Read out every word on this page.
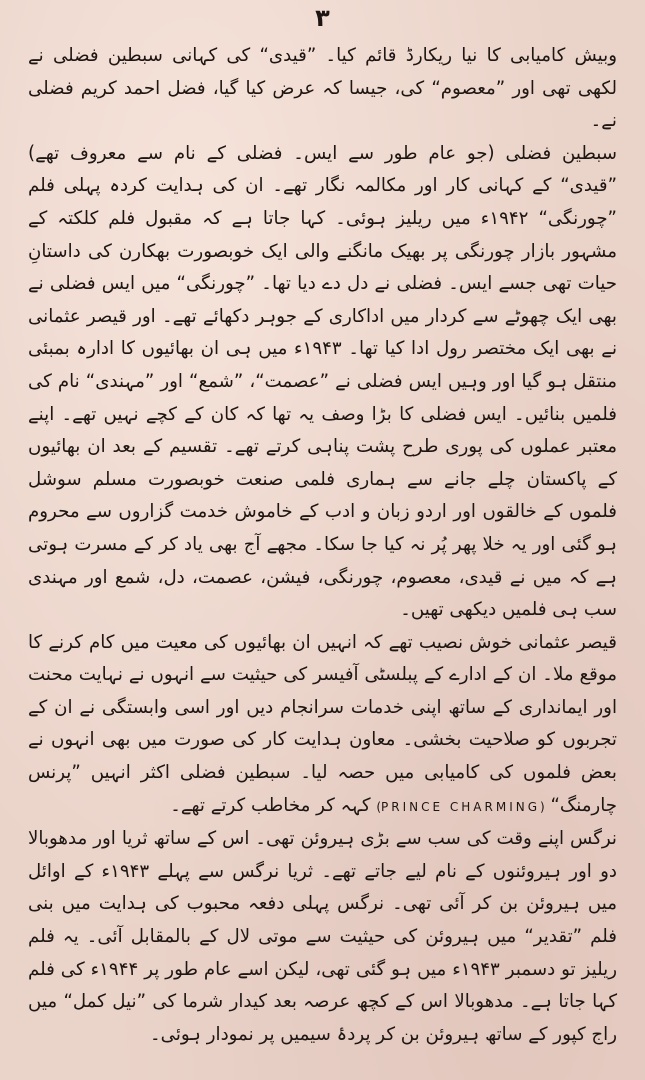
۳

وبیش کامیابی کا نیا ریکارڈ قائم کیا۔ ”قیدی“ کی کہانی سبطین فضلی نے لکھی تھی اور ”معصوم“ کی، جیسا کہ عرض کیا گیا، فضل احمد کریم فضلی نے۔

سبطین فضلی (جو عام طور سے ایس۔ فضلی کے نام سے معروف تھے) ”قیدی“ کے کہانی کار اور مکالمہ نگار تھے۔ ان کی ہدایت کردہ پہلی فلم ”چورنگی“ ۱۹۴۲ء میں ریلیز ہوئی۔ کہا جاتا ہے کہ مقبول فلم کلکتہ کے مشہور بازار چورنگی پر بھیک مانگنے والی ایک خوبصورت بھکارن کی داستانِ حیات تھی جسے ایس۔ فضلی نے دل دے دیا تھا۔ ”چورنگی“ میں ایس فضلی نے بھی ایک چھوٹے سے کردار میں اداکاری کے جوہر دکھائے تھے۔ اور قیصر عثمانی نے بھی ایک مختصر رول ادا کیا تھا۔ ۱۹۴۳ء میں ہی ان بھائیوں کا ادارہ بمبئی منتقل ہو گیا اور وہیں ایس فضلی نے ”عصمت“، ”شمع“ اور ”مہندی“ نام کی فلمیں بنائیں۔ ایس فضلی کا بڑا وصف یہ تھا کہ کان کے کچے نہیں تھے۔ اپنے معتبر عملوں کی پوری طرح پشت پناہی کرتے تھے۔ تقسیم کے بعد ان بھائیوں کے پاکستان چلے جانے سے ہماری فلمی صنعت خوبصورت مسلم سوشل فلموں کے خالقوں اور اردو زبان و ادب کے خاموش خدمت گزاروں سے محروم ہو گئی اور یہ خلا پھر پُر نہ کیا جا سکا۔ مجھے آج بھی یاد کر کے مسرت ہوتی ہے کہ میں نے قیدی، معصوم، چورنگی، فیشن، عصمت، دل، شمع اور مہندی سب ہی فلمیں دیکھی تھیں۔

قیصر عثمانی خوش نصیب تھے کہ انہیں ان بھائیوں کی معیت میں کام کرنے کا موقع ملا۔ ان کے ادارے کے پبلسٹی آفیسر کی حیثیت سے انہوں نے نہایت محنت اور ایمانداری کے ساتھ اپنی خدمات سرانجام دیں اور اسی وابستگی نے ان کے تجربوں کو صلاحیت بخشی۔ معاون ہدایت کار کی صورت میں بھی انہوں نے بعض فلموں کی کامیابی میں حصہ لیا۔ سبطین فضلی اکثر انہیں ”پرنس چارمنگ“ (PRINCE CHARMING) کہہ کر مخاطب کرتے تھے۔

نرگس اپنے وقت کی سب سے بڑی ہیروئن تھی۔ اس کے ساتھ ثریا اور مدھوبالا دو اور ہیروئنوں کے نام لیے جاتے تھے۔ ثریا نرگس سے پہلے ۱۹۴۳ء کے اوائل میں ہیروئن بن کر آئی تھی۔ نرگس پہلی دفعہ محبوب کی ہدایت میں بنی فلم ”تقدیر“ میں ہیروئن کی حیثیت سے موتی لال کے بالمقابل آئی۔ یہ فلم ریلیز تو دسمبر ۱۹۴۳ء میں ہو گئی تھی، لیکن اسے عام طور پر ۱۹۴۴ء کی فلم کہا جاتا ہے۔ مدھوبالا اس کے کچھ عرصہ بعد کیدار شرما کی ”نیل کمل“ میں راج کپور کے ساتھ ہیروئن بن کر پردۂ سیمیں پر نمودار ہوئی۔
